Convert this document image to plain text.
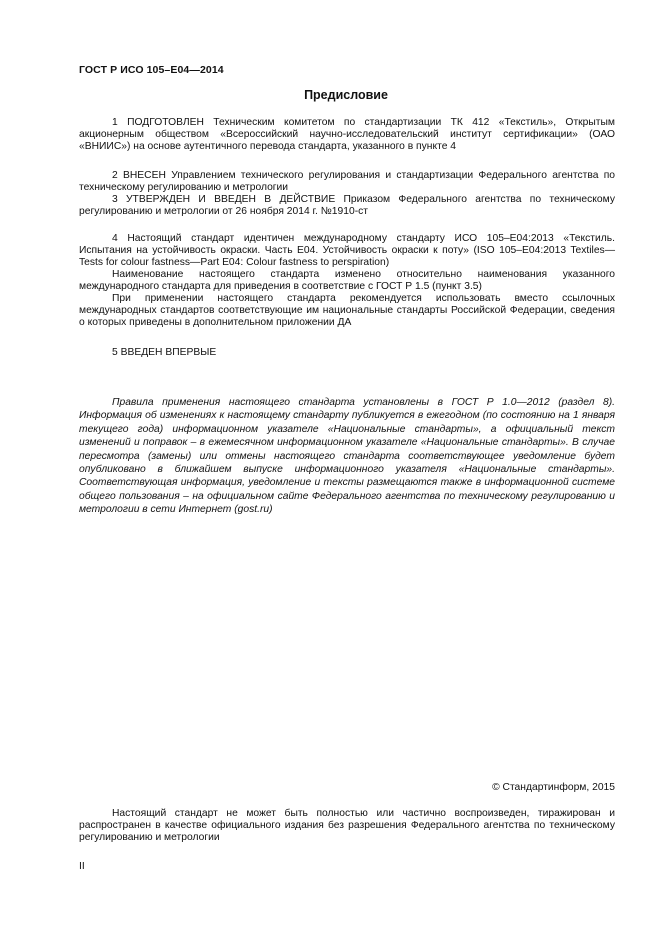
ГОСТ Р ИСО 105–E04—2014
Предисловие

1 ПОДГОТОВЛЕН Техническим комитетом по стандартизации ТК 412 «Текстиль», Открытым акционерным обществом «Всероссийский научно-исследовательский институт сертификации» (ОАО «ВНИИС») на основе аутентичного перевода стандарта, указанного в пункте 4

2 ВНЕСЕН Управлением технического регулирования и стандартизации Федерального агентства по техническому регулированию и метрологии

3 УТВЕРЖДЕН И ВВЕДЕН В ДЕЙСТВИЕ Приказом Федерального агентства по техническому регулированию и метрологии от 26 ноября 2014 г. №1910-ст

4 Настоящий стандарт идентичен международному стандарту ИСО 105–E04:2013 «Текстиль. Испытания на устойчивость окраски. Часть E04. Устойчивость окраски к поту» (ISO 105–E04:2013 Textiles—Tests for colour fastness—Part E04: Colour fastness to perspiration)

Наименование настоящего стандарта изменено относительно наименования указанного международного стандарта для приведения в соответствие с ГОСТ Р 1.5 (пункт 3.5)

При применении настоящего стандарта рекомендуется использовать вместо ссылочных международных стандартов соответствующие им национальные стандарты Российской Федерации, сведения о которых приведены в дополнительном приложении ДА

5 ВВЕДЕН ВПЕРВЫЕ

Правила применения настоящего стандарта установлены в ГОСТ Р 1.0—2012 (раздел 8). Информация об изменениях к настоящему стандарту публикуется в ежегодном (по состоянию на 1 января текущего года) информационном указателе «Национальные стандарты», а официальный текст изменений и поправок – в ежемесячном информационном указателе «Национальные стандарты». В случае пересмотра (замены) или отмены настоящего стандарта соответствующее уведомление будет опубликовано в ближайшем выпуске информационного указателя «Национальные стандарты». Соответствующая информация, уведомление и тексты размещаются также в информационной системе общего пользования – на официальном сайте Федерального агентства по техническому регулированию и метрологии в сети Интернет (gost.ru)

© Стандартинформ, 2015

Настоящий стандарт не может быть полностью или частично воспроизведен, тиражирован и распространен в качестве официального издания без разрешения Федерального агентства по техническому регулированию и метрологии

II
